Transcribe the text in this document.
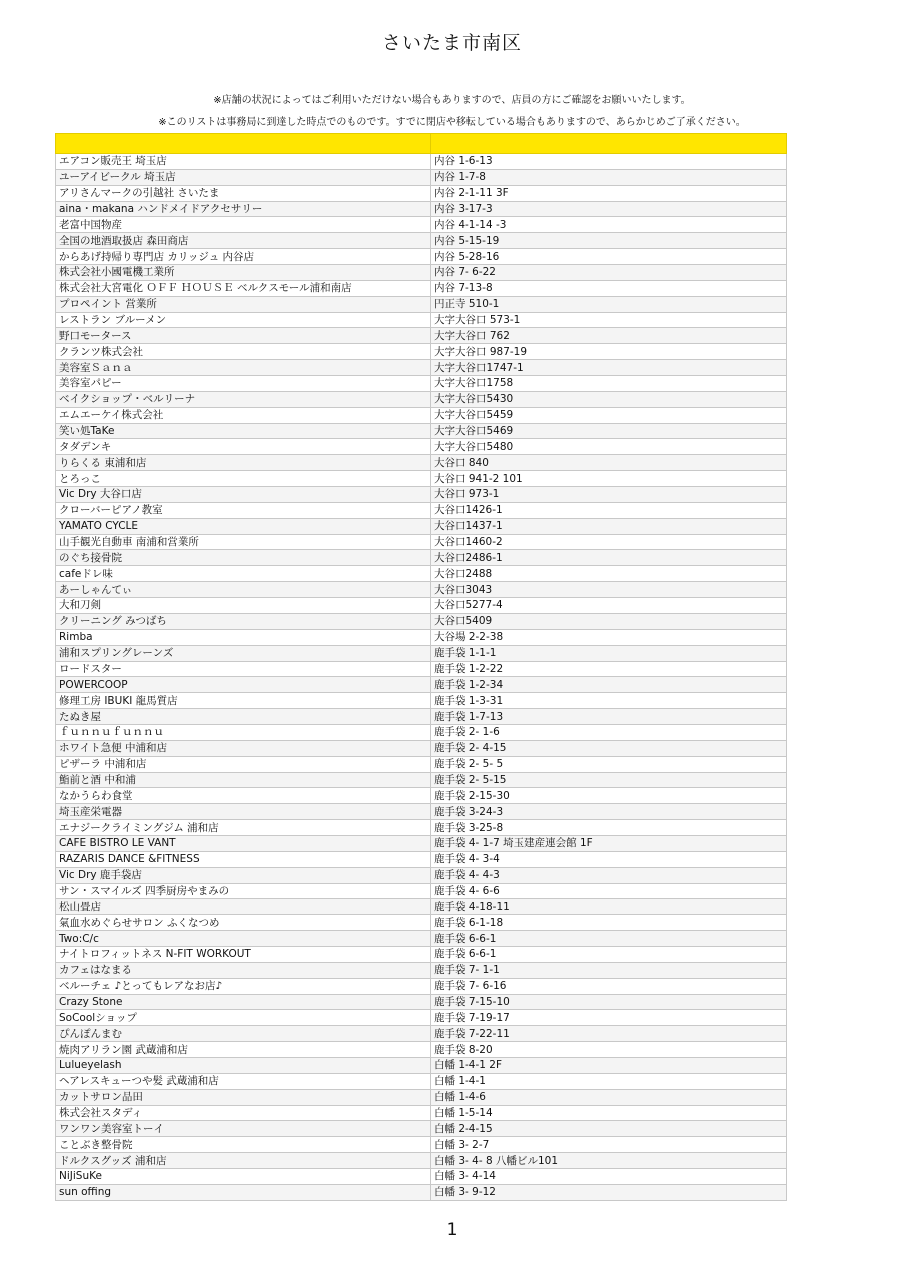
さいたま市南区
※店舗の状況によってはご利用いただけない場合もありますので、店員の方にご確認をお願いいたします。
※このリストは事務局に到達した時点でのものです。すでに閉店や移転している場合もありますので、あらかじめご了承ください。

エアコン販売王 埼玉店	内谷 1-6-13
ユーアイビークル 埼玉店	内谷 1-7-8
アリさんマークの引越社 さいたま	内谷 2-1-11 3F
aina・makana ハンドメイドアクセサリー	内谷 3-17-3
老富中国物産	内谷 4-1-14 -3
全国の地酒取扱店 森田商店	内谷 5-15-19
からあげ持帰り専門店 カリッジュ 内谷店	内谷 5-28-16
株式会社小國電機工業所	内谷 7- 6-22
株式会社大宮電化 ＯＦＦ ＨＯＵＳＥ ベルクスモール浦和南店	内谷 7-13-8
プロペイント 営業所	円正寺 510-1
レストラン ブルーメン	大字大谷口 573-1
野口モータース	大字大谷口 762
クランツ株式会社	大字大谷口 987-19
美容室Ｓａｎａ	大字大谷口1747-1
美容室パピー	大字大谷口1758
ベイクショップ・ベルリーナ	大字大谷口5430
エムエーケイ株式会社	大字大谷口5459
笑い処TaKe	大字大谷口5469
タダデンキ	大字大谷口5480
りらくる 東浦和店	大谷口 840
とろっこ	大谷口 941-2 101
Vic Dry 大谷口店	大谷口 973-1
クローバーピアノ教室	大谷口1426-1
YAMATO CYCLE	大谷口1437-1
山手観光自動車 南浦和営業所	大谷口1460-2
のぐち接骨院	大谷口2486-1
cafeドレ味	大谷口2488
あーしゃんてぃ	大谷口3043
大和刀剣	大谷口5277-4
クリーニング みつばち	大谷口5409
Rimba	大谷場 2-2-38
浦和スプリングレーンズ	鹿手袋 1-1-1
ロードスター	鹿手袋 1-2-22
POWERCOOP	鹿手袋 1-2-34
修理工房 IBUKI 龍馬質店	鹿手袋 1-3-31
たぬき屋	鹿手袋 1-7-13
ｆｕｎｎｕｆｕｎｎｕ	鹿手袋 2- 1-6
ホワイト急便 中浦和店	鹿手袋 2- 4-15
ピザーラ 中浦和店	鹿手袋 2- 5- 5
鮨前と酒 中和浦	鹿手袋 2- 5-15
なかうらわ食堂	鹿手袋 2-15-30
埼玉産栄電器	鹿手袋 3-24-3
エナジークライミングジム 浦和店	鹿手袋 3-25-8
CAFE BISTRO LE VANT	鹿手袋 4- 1-7 埼玉建産連会館 1F
RAZARIS DANCE &FITNESS	鹿手袋 4- 3-4
Vic Dry 鹿手袋店	鹿手袋 4- 4-3
サン・スマイルズ 四季厨房やまみの	鹿手袋 4- 6-6
松山畳店	鹿手袋 4-18-11
氣血水めぐらせサロン ふくなつめ	鹿手袋 6-1-18
Two:C/c	鹿手袋 6-6-1
ナイトロフィットネス N-FIT WORKOUT	鹿手袋 6-6-1
カフェはなまる	鹿手袋 7- 1-1
ベルーチェ ♪とってもレアなお店♪	鹿手袋 7- 6-16
Crazy Stone	鹿手袋 7-15-10
SoCoolショップ	鹿手袋 7-19-17
ぴんぽんまむ	鹿手袋 7-22-11
焼肉アリラン園 武蔵浦和店	鹿手袋 8-20
Lulueyelash	白幡 1-4-1 2F
ヘアレスキューつや髪 武蔵浦和店	白幡 1-4-1
カットサロン品田	白幡 1-4-6
株式会社スタディ	白幡 1-5-14
ワンワン美容室トーイ	白幡 2-4-15
ことぶき整骨院	白幡 3- 2-7
ドルクスグッズ 浦和店	白幡 3- 4- 8 八幡ビル101
NiJiSuKe	白幡 3- 4-14
sun offing	白幡 3- 9-12
1
